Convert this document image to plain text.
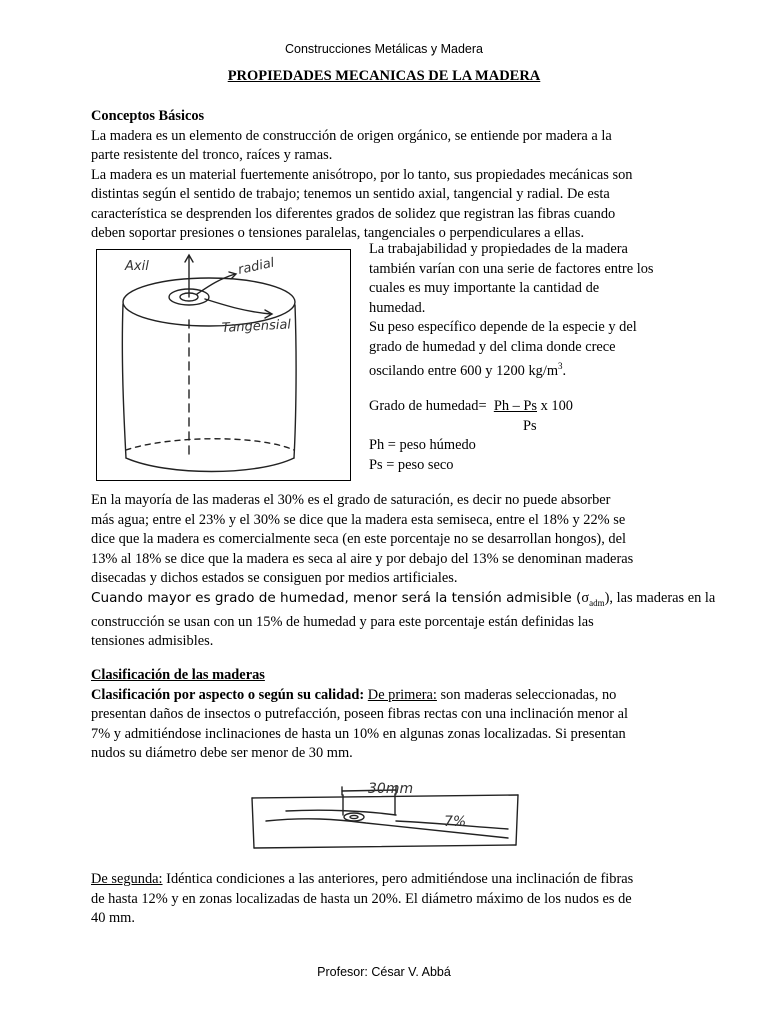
Construcciones Metálicas y Madera
PROPIEDADES MECANICAS DE LA MADERA
Conceptos Básicos
La madera es un elemento de construcción de origen orgánico, se entiende por madera a la
parte resistente del tronco, raíces y ramas.
La madera es un material fuertemente anisótropo, por lo tanto, sus propiedades mecánicas son
distintas según el sentido de trabajo; tenemos un sentido axial, tangencial y radial. De esta
característica se desprenden los diferentes grados de solidez que registran las fibras cuando
deben soportar presiones o tensiones paralelas, tangenciales o perpendiculares a ellas.
Axil	radial
Tangensial
La trabajabilidad y propiedades de la madera
también varían con una serie de factores entre los
cuales es muy importante la cantidad de
humedad.
Su peso específico depende de la especie y del
grado de humedad y del clima donde crece
oscilando entre 600 y 1200 $kg/m^3$.
Grado de humedad= Ph – Ps x 100
Ps
Ph = peso húmedo
Ps = peso seco
En la mayoría de las maderas el 30% es el grado de saturación, es decir no puede absorber
más agua; entre el 23% y el 30% se dice que la madera esta semiseca, entre el 18% y 22% se
dice que la madera es comercialmente seca (en este porcentaje no se desarrollan hongos), del
13% al 18% se dice que la madera es seca al aire y por debajo del 13% se denominan maderas
disecadas y dichos estados se consiguen por medios artificiales.
Cuando mayor es grado de humedad, menor será la tensión admisible $(\sigma_{adm})$, las maderas en la
construcción se usan con un 15% de humedad y para este porcentaje están definidas las
tensiones admisibles.
Clasificación de las maderas
Clasificación por aspecto o según su calidad: De primera: son maderas seleccionadas, no
presentan daños de insectos o putrefacción, poseen fibras rectas con una inclinación menor al
7% y admitiéndose inclinaciones de hasta un 10% en algunas zonas localizadas. Si presentan
nudos su diámetro debe ser menor de 30 mm.
30mm
7%
De segunda: Idéntica condiciones a las anteriores, pero admitiéndose una inclinación de fibras
de hasta 12% y en zonas localizadas de hasta un 20%. El diámetro máximo de los nudos es de
40 mm.
Profesor: César V. Abbá
